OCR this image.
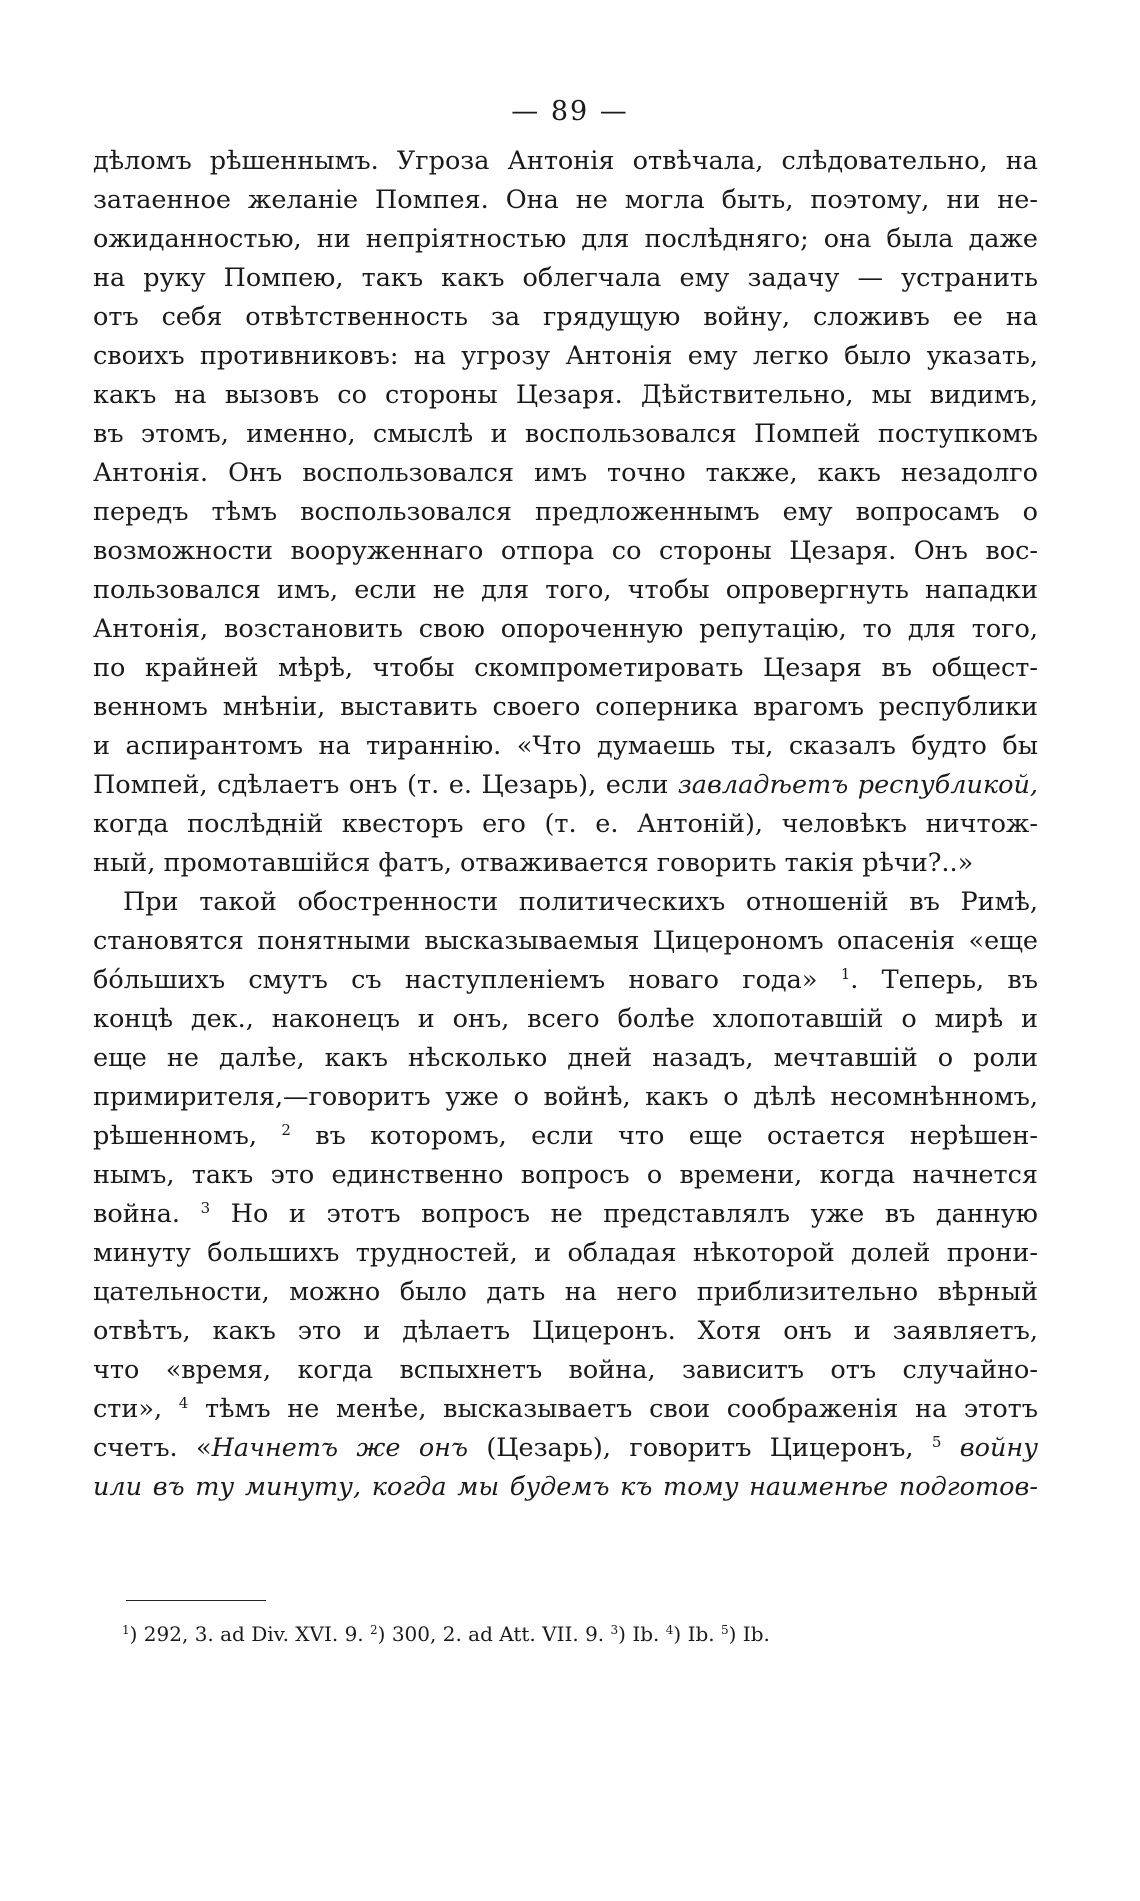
— 89 —
дѣломъ рѣшеннымъ. Угроза Антонія отвѣчала, слѣдовательно, на
затаенное желаніе Помпея. Она не могла быть, поэтому, ни не-
ожиданностью, ни непріятностью для послѣдняго; она была даже
на руку Помпею, такъ какъ облегчала ему задачу — устранить
отъ себя отвѣтственность за грядущую войну, сложивъ ее на
своихъ противниковъ: на угрозу Антонія ему легко было указать,
какъ на вызовъ со стороны Цезаря. Дѣйствительно, мы видимъ,
въ этомъ, именно, смыслѣ и воспользовался Помпей поступкомъ
Антонія. Онъ воспользовался имъ точно также, какъ незадолго
передъ тѣмъ воспользовался предложеннымъ ему вопросамъ о
возможности вооруженнаго отпора со стороны Цезаря. Онъ вос-
пользовался имъ, если не для того, чтобы опровергнуть нападки
Антонія, возстановить свою опороченную репутацію, то для того,
по крайней мѣрѣ, чтобы скомпрометировать Цезаря въ общест-
венномъ мнѣніи, выставить своего соперника врагомъ республики
и аспирантомъ на тираннію. «Что думаешь ты, сказалъ будто бы
Помпей, сдѣлаетъ онъ (т. е. Цезарь), если завладѣетъ республикой,
когда послѣдній квесторъ его (т. е. Антоній), человѣкъ ничтож-
ный, промотавшійся фатъ, отваживается говорить такія рѣчи?..»
При такой обостренности политическихъ отношеній въ Римѣ,
становятся понятными высказываемыя Цицерономъ опасенія «еще
бо́льшихъ смутъ съ наступленіемъ новаго года» $^1$. Теперь, въ
концѣ дек., наконецъ и онъ, всего болѣе хлопотавшій о мирѣ и
еще не далѣе, какъ нѣсколько дней назадъ, мечтавшій о роли
примирителя,—говоритъ уже о войнѣ, какъ о дѣлѣ несомнѣнномъ,
рѣшенномъ, $^2$ въ которомъ, если что еще остается нерѣшен-
нымъ, такъ это единственно вопросъ о времени, когда начнется
война. $^3$ Но и этотъ вопросъ не представлялъ уже въ данную
минуту большихъ трудностей, и обладая нѣкоторой долей прони-
цательности, можно было дать на него приблизительно вѣрный
отвѣтъ, какъ это и дѣлаетъ Цицеронъ. Хотя онъ и заявляетъ,
что «время, когда вспыхнетъ война, зависитъ отъ случайно-
сти», $^4$ тѣмъ не менѣе, высказываетъ свои соображенія на этотъ
счетъ. «Начнетъ же онъ (Цезарь), говоритъ Цицеронъ, $^5$ войну
или въ ту минуту, когда мы будемъ къ тому наименѣе подготов-
$^1$) 292, 3. ad Div. XVI. 9. $^2$) 300, 2. ad Att. VII. 9. $^3$) Ib. $^4$) Ib. $^5$) Ib.
